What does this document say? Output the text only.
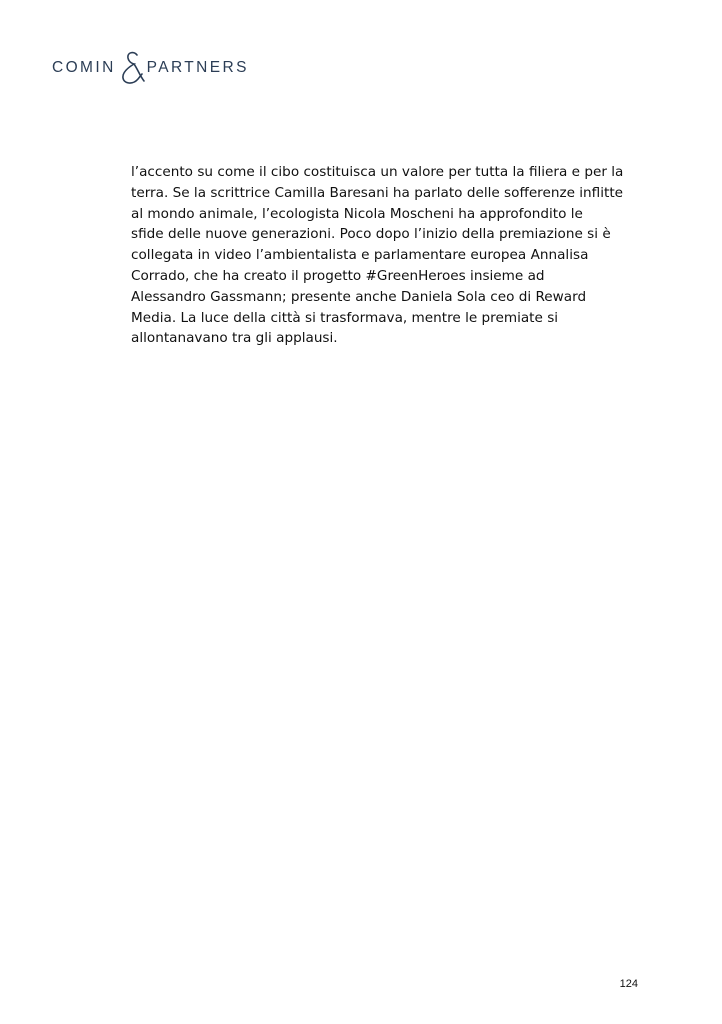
COMIN PARTNERS

l’accento su come il cibo costituisca un valore per tutta la filiera e per la
terra. Se la scrittrice Camilla Baresani ha parlato delle sofferenze inflitte
al mondo animale, l’ecologista Nicola Moscheni ha approfondito le
sfide delle nuove generazioni. Poco dopo l’inizio della premiazione si è
collegata in video l’ambientalista e parlamentare europea Annalisa
Corrado, che ha creato il progetto #GreenHeroes insieme ad
Alessandro Gassmann; presente anche Daniela Sola ceo di Reward
Media. La luce della città si trasformava, mentre le premiate si
allontanavano tra gli applausi.

124
